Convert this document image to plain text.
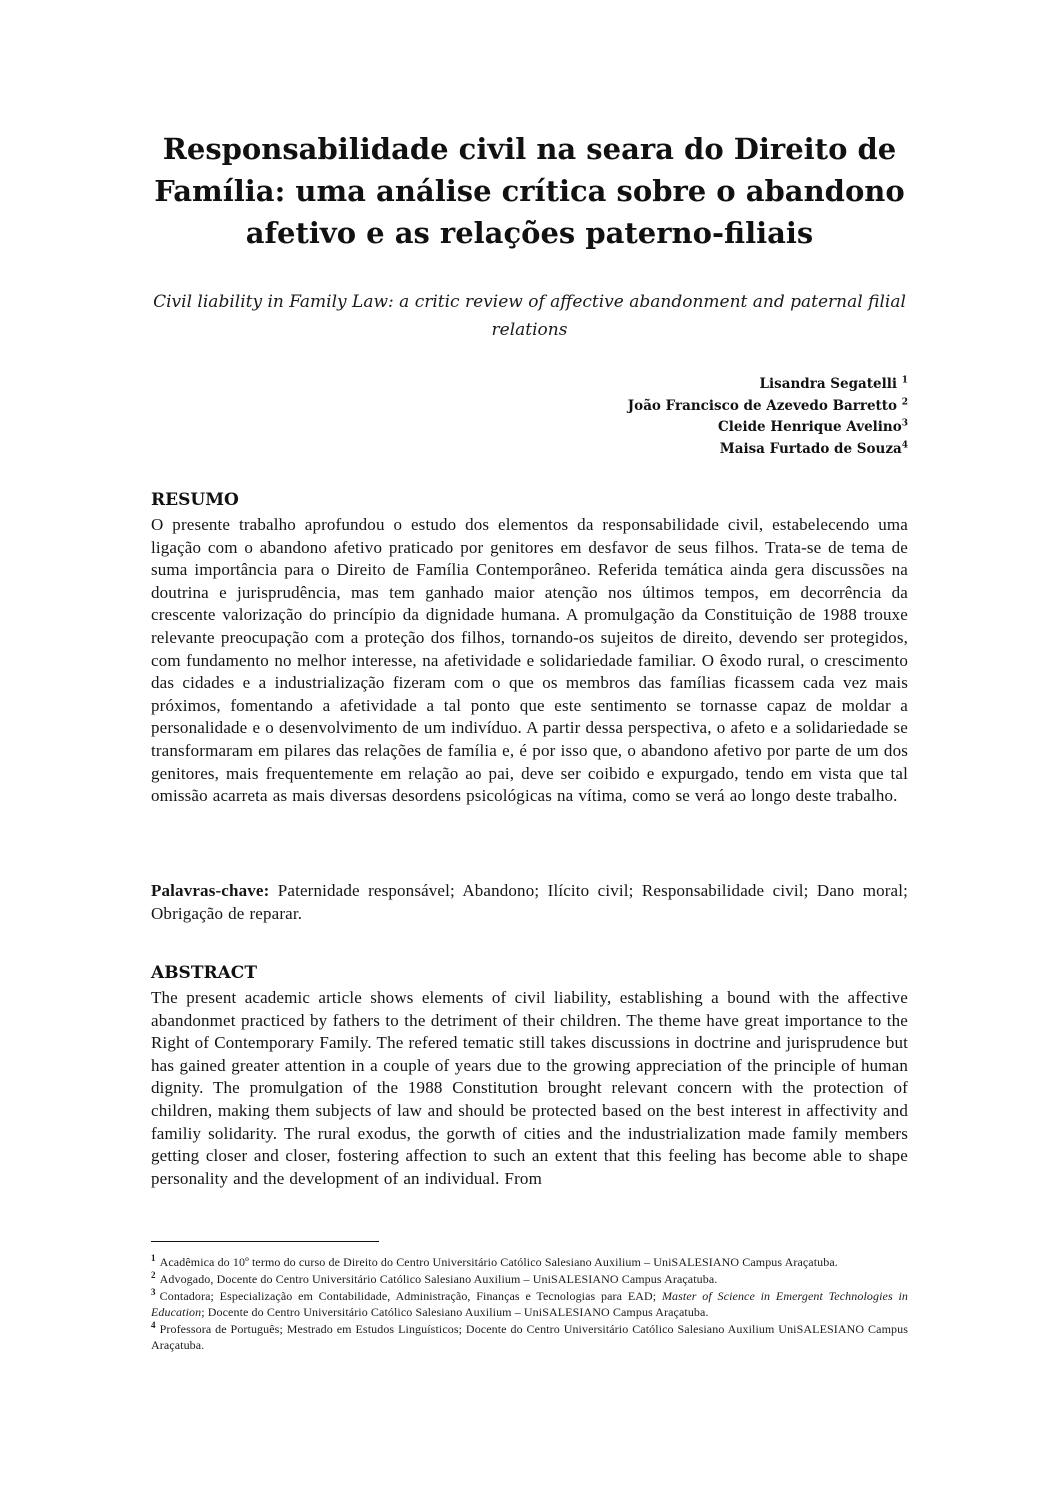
Responsabilidade civil na seara do Direito de Família: uma análise crítica sobre o abandono afetivo e as relações paterno-filiais

Civil liability in Family Law: a critic review of affective abandonment and paternal filial relations

Lisandra Segatelli $^1$
João Francisco de Azevedo Barretto $^2$
Cleide Henrique Avelino$^3$
Maisa Furtado de Souza$^4$
RESUMO

O presente trabalho aprofundou o estudo dos elementos da responsabilidade civil, estabelecendo uma ligação com o abandono afetivo praticado por genitores em desfavor de seus filhos. Trata-se de tema de suma importância para o Direito de Família Contemporâneo. Referida temática ainda gera discussões na doutrina e jurisprudência, mas tem ganhado maior atenção nos últimos tempos, em decorrência da crescente valorização do princípio da dignidade humana. A promulgação da Constituição de 1988 trouxe relevante preocupação com a proteção dos filhos, tornando-os sujeitos de direito, devendo ser protegidos, com fundamento no melhor interesse, na afetividade e solidariedade familiar. O êxodo rural, o crescimento das cidades e a industrialização fizeram com o que os membros das famílias ficassem cada vez mais próximos, fomentando a afetividade a tal ponto que este sentimento se tornasse capaz de moldar a personalidade e o desenvolvimento de um indivíduo. A partir dessa perspectiva, o afeto e a solidariedade se transformaram em pilares das relações de família e, é por isso que, o abandono afetivo por parte de um dos genitores, mais frequentemente em relação ao pai, deve ser coibido e expurgado, tendo em vista que tal omissão acarreta as mais diversas desordens psicológicas na vítima, como se verá ao longo deste trabalho.

Palavras-chave: Paternidade responsável; Abandono; Ilícito civil; Responsabilidade civil; Dano moral; Obrigação de reparar.

ABSTRACT

The present academic article shows elements of civil liability, establishing a bound with the affective abandonmet practiced by fathers to the detriment of their children. The theme have great importance to the Right of Contemporary Family. The refered tematic still takes discussions in doctrine and jurisprudence but has gained greater attention in a couple of years due to the growing appreciation of the principle of human dignity. The promulgation of the 1988 Constitution brought relevant concern with the protection of children, making them subjects of law and should be protected based on the best interest in affectivity and familiy solidarity. The rural exodus, the gorwth of cities and the industrialization made family members getting closer and closer, fostering affection to such an extent that this feeling has become able to shape personality and the development of an individual. From

$^1$ Acadêmica do 10º termo do curso de Direito do Centro Universitário Católico Salesiano Auxilium – UniSALESIANO Campus Araçatuba.
$^2$ Advogado, Docente do Centro Universitário Católico Salesiano Auxilium – UniSALESIANO Campus Araçatuba.
$^3$ Contadora; Especialização em Contabilidade, Administração, Finanças e Tecnologias para EAD; Master of Science in Emergent Technologies in Education; Docente do Centro Universitário Católico Salesiano Auxilium – UniSALESIANO Campus Araçatuba.
$^4$ Professora de Português; Mestrado em Estudos Linguísticos; Docente do Centro Universitário Católico Salesiano Auxilium UniSALESIANO Campus Araçatuba.
